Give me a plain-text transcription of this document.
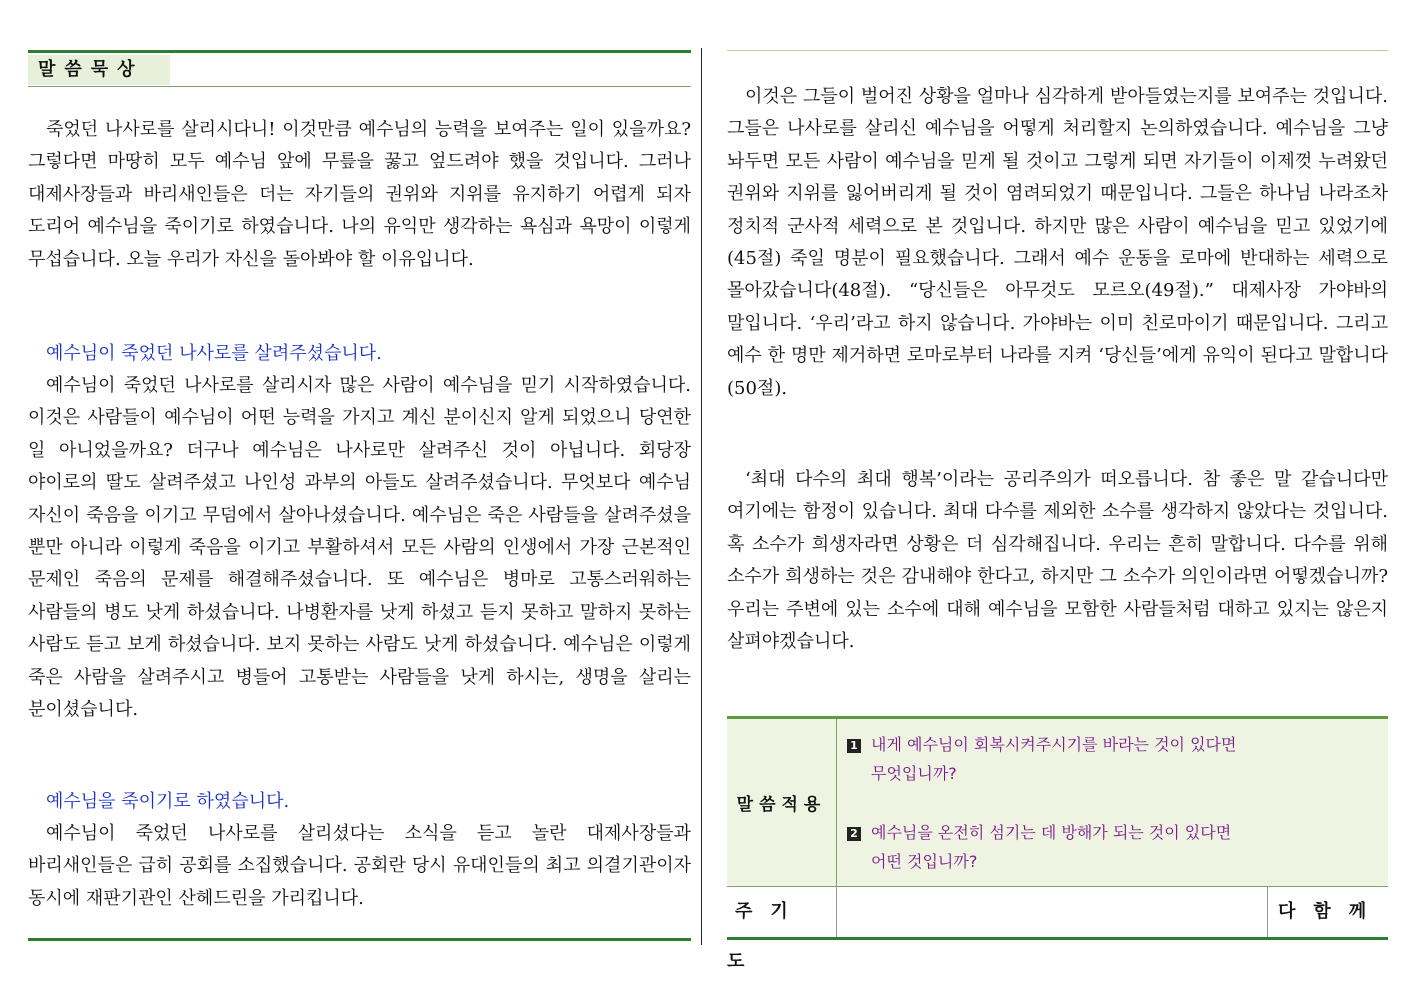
말씀묵상

죽었던 나사로를 살리시다니! 이것만큼 예수님의 능력을 보여주는 일이 있을까요? 그렇다면 마땅히 모두 예수님 앞에 무릎을 꿇고 엎드려야 했을 것입니다. 그러나 대제사장들과 바리새인들은 더는 자기들의 권위와 지위를 유지하기 어렵게 되자 도리어 예수님을 죽이기로 하였습니다. 나의 유익만 생각하는 욕심과 욕망이 이렇게 무섭습니다. 오늘 우리가 자신을 돌아봐야 할 이유입니다.

예수님이 죽었던 나사로를 살려주셨습니다.

예수님이 죽었던 나사로를 살리시자 많은 사람이 예수님을 믿기 시작하였습니다. 이것은 사람들이 예수님이 어떤 능력을 가지고 계신 분이신지 알게 되었으니 당연한 일 아니었을까요? 더구나 예수님은 나사로만 살려주신 것이 아닙니다. 회당장 야이로의 딸도 살려주셨고 나인성 과부의 아들도 살려주셨습니다. 무엇보다 예수님 자신이 죽음을 이기고 무덤에서 살아나셨습니다. 예수님은 죽은 사람들을 살려주셨을 뿐만 아니라 이렇게 죽음을 이기고 부활하셔서 모든 사람의 인생에서 가장 근본적인 문제인 죽음의 문제를 해결해주셨습니다. 또 예수님은 병마로 고통스러워하는 사람들의 병도 낫게 하셨습니다. 나병환자를 낫게 하셨고 듣지 못하고 말하지 못하는 사람도 듣고 보게 하셨습니다. 보지 못하는 사람도 낫게 하셨습니다. 예수님은 이렇게 죽은 사람을 살려주시고 병들어 고통받는 사람들을 낫게 하시는, 생명을 살리는 분이셨습니다.

예수님을 죽이기로 하였습니다.

예수님이 죽었던 나사로를 살리셨다는 소식을 듣고 놀란 대제사장들과 바리새인들은 급히 공회를 소집했습니다. 공회란 당시 유대인들의 최고 의결기관이자 동시에 재판기관인 산헤드린을 가리킵니다.

이것은 그들이 벌어진 상황을 얼마나 심각하게 받아들였는지를 보여주는 것입니다. 그들은 나사로를 살리신 예수님을 어떻게 처리할지 논의하였습니다. 예수님을 그냥 놔두면 모든 사람이 예수님을 믿게 될 것이고 그렇게 되면 자기들이 이제껏 누려왔던 권위와 지위를 잃어버리게 될 것이 염려되었기 때문입니다. 그들은 하나님 나라조차 정치적 군사적 세력으로 본 것입니다. 하지만 많은 사람이 예수님을 믿고 있었기에(45절) 죽일 명분이 필요했습니다. 그래서 예수 운동을 로마에 반대하는 세력으로 몰아갔습니다(48절). “당신들은 아무것도 모르오(49절).” 대제사장 가야바의 말입니다. ‘우리’라고 하지 않습니다. 가야바는 이미 친로마이기 때문입니다. 그리고 예수 한 명만 제거하면 로마로부터 나라를 지켜 ‘당신들’에게 유익이 된다고 말합니다(50절).

‘최대 다수의 최대 행복’이라는 공리주의가 떠오릅니다. 참 좋은 말 같습니다만 여기에는 함정이 있습니다. 최대 다수를 제외한 소수를 생각하지 않았다는 것입니다. 혹 소수가 희생자라면 상황은 더 심각해집니다. 우리는 흔히 말합니다. 다수를 위해 소수가 희생하는 것은 감내해야 한다고, 하지만 그 소수가 의인이라면 어떻겠습니까? 우리는 주변에 있는 소수에 대해 예수님을 모함한 사람들처럼 대하고 있지는 않은지 살펴야겠습니다.

말씀적용

1 내게 예수님이 회복시켜주시기를 바라는 것이 있다면
무엇입니까?

2 예수님을 온전히 섬기는 데 방해가 되는 것이 있다면
어떤 것입니까?

주기도
다함께
